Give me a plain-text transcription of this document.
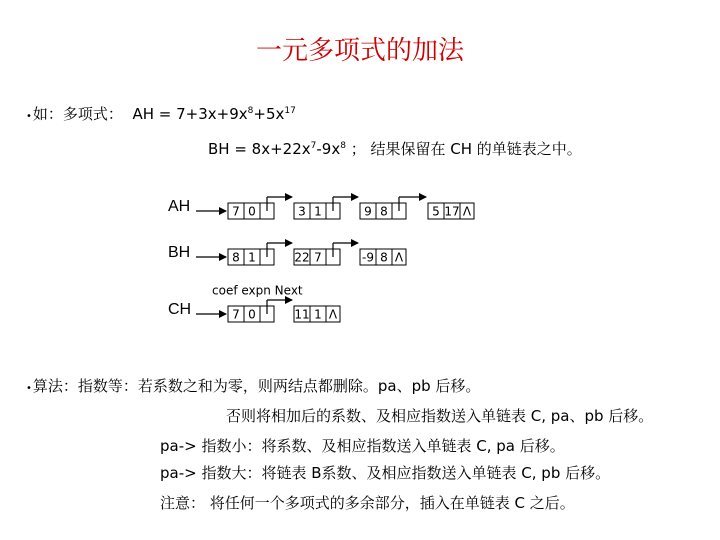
一元多项式的加法
•如：多项式： AH = $7+3x+9x^8+5x^{17}$
BH = $8x+22x^7-9x^8$ ； 结果保留在 CH 的单链表之中。
AH	7 0	3 1	9 8	5 17 Λ
BH	8 1	22 7	-9 8 Λ
coef expn Next
CH	7 0	11 1 Λ
•算法：指数等：若系数之和为零，则两结点都删除。pa、pb 后移。
否则将相加后的系数、及相应指数送入单链表 C, pa、pb 后移。
pa-> 指数小：将系数、及相应指数送入单链表 C, pa 后移。
pa-> 指数大：将链表 B系数、及相应指数送入单链表 C, pb 后移。
注意： 将任何一个多项式的多余部分，插入在单链表 C 之后。
